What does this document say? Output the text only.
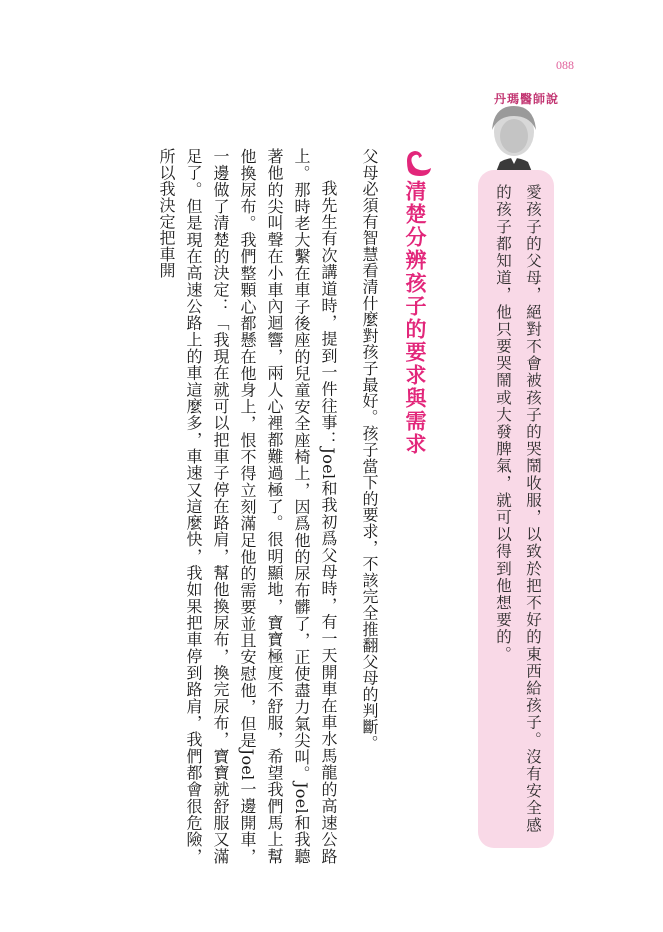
088
丹瑪醫師說
愛孩子的父母，絕對不會被孩子的哭鬧收服，以致於把不好的東西給孩子。沒有安全感的孩子都知道，他只要哭鬧或大發脾氣，就可以得到他想要的。
清楚分辨孩子的要求與需求

父母必須有智慧看清什麼對孩子最好。孩子當下的要求，不該完全推翻父母的判斷。

我先生有次講道時，提到一件往事：Joel和我初爲父母時，有一天開車在車水馬龍的高速公路上。那時老大繫在車子後座的兒童安全座椅上，因爲他的尿布髒了，正使盡力氣尖叫。Joel和我聽著他的尖叫聲在小車內迴響，兩人心裡都難過極了。很明顯地，寶寶極度不舒服，希望我們馬上幫他換尿布。我們整顆心都懸在他身上，恨不得立刻滿足他的需要並且安慰他，但是Joel一邊開車，一邊做了清楚的決定：「我現在就可以把車子停在路肩，幫他換尿布，換完尿布，寶寶就舒服又滿足了。但是現在高速公路上的車這麼多，車速又這麼快，我如果把車停到路肩，我們都會很危險，所以我決定把車開
